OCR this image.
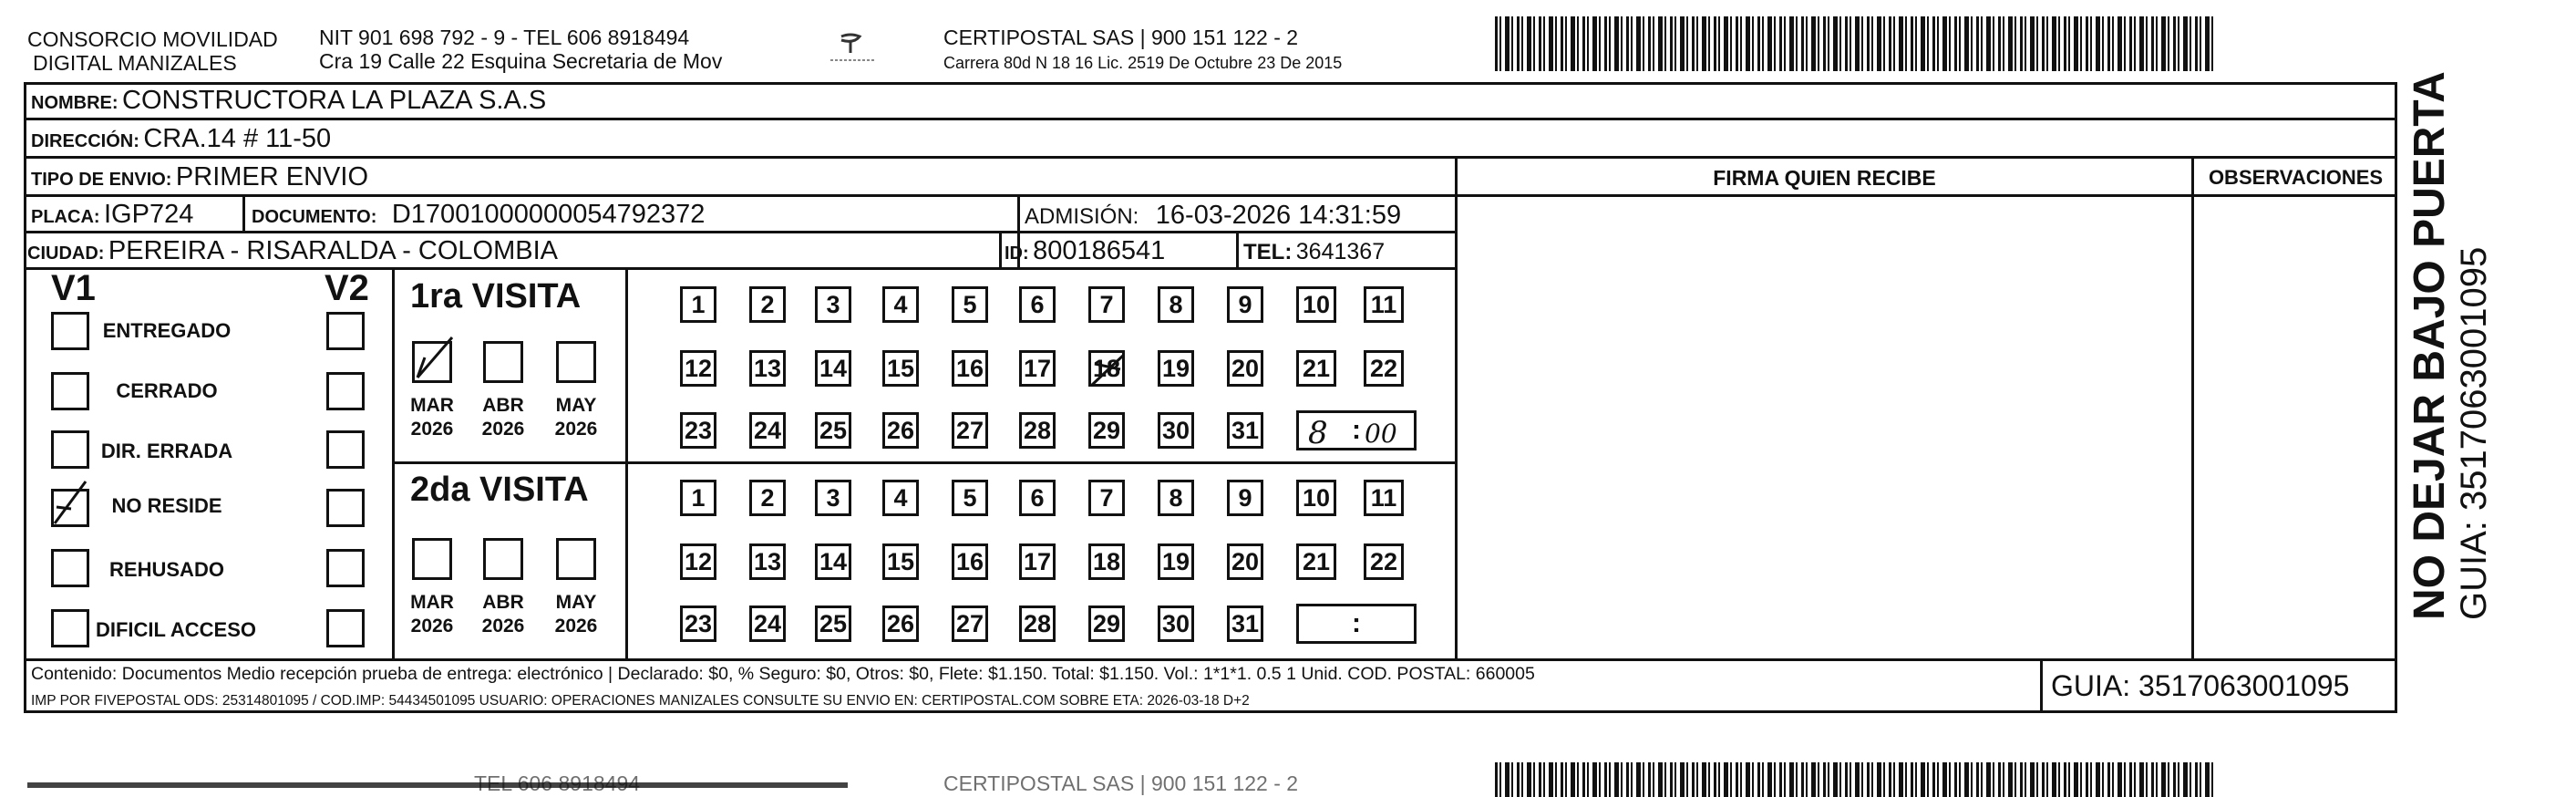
CONSORCIO MOVILIDAD
DIGITAL MANIZALES
NIT 901 698 792 - 9 - TEL 606 8918494
Cra 19 Calle 22 Esquina Secretaria de Mov
CERTIPOSTAL SAS | 900 151 122 - 2
Carrera 80d N 18 16 Lic. 2519 De Octubre 23 De 2015
NOMBRE: CONSTRUCTORA LA PLAZA S.A.S
DIRECCIÓN: CRA.14 # 11-50
TIPO DE ENVIO: PRIMER ENVIO	FIRMA QUIEN RECIBE	OBSERVACIONES
PLACA: IGP724	DOCUMENTO: D17001000000054792372	ADMISIÓN: 16-03-2026 14:31:59
CIUDAD: PEREIRA - RISARALDA - COLOMBIA	ID: 800186541	TEL: 3641367
V1	V2
ENTREGADO
CERRADO
DIR. ERRADA
NO RESIDE
REHUSADO
DIFICIL ACCESO
1ra VISITA
2da VISITA
MAR
2026
ABR
2026
MAY
2026
MAR
2026
ABR
2026
MAY
2026
1	2	3	4	5	6	7	8	9	10 11
12 13 14 15 16 17 18 19 20 21 22
23 24 25 26 27 28 29 30 31
1	2	3	4	5	6	7	8	9	10 11
12 13 14 15 16 17 18 19 20 21 22
23 24 25 26 27 28 29 30 31
8 : 00
:
Contenido: Documentos Medio recepción prueba de entrega: electrónico | Declarado: $0, % Seguro: $0, Otros: $0, Flete: $1.150. Total: $1.150. Vol.: 1*1*1. 0.5 1 Unid. COD. POSTAL: 660005
IMP POR FIVEPOSTAL ODS: 25314801095 / COD.IMP: 54434501095 USUARIO: OPERACIONES MANIZALES CONSULTE SU ENVIO EN: CERTIPOSTAL.COM SOBRE ETA: 2026-03-18 D+2	GUIA: 3517063001095
NO DEJAR BAJO PUERTA GUIA: 3517063001095
TEL 606 8918494	CERTIPOSTAL SAS | 900 151 122 - 2
